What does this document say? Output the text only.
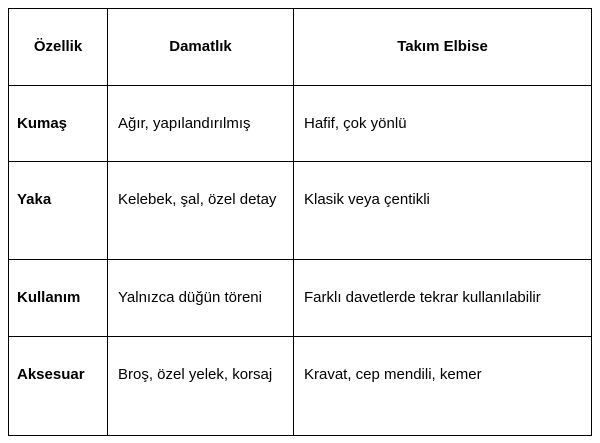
Özellik	Damatlık	Takım Elbise

Kumaş	Ağır, yapılandırılmış	Hafif, çok yönlü

Yaka	Kelebek, şal, özel detay	Klasik veya çentikli

Kullanım	Yalnızca düğün töreni	Farklı davetlerde tekrar kullanılabilir

Aksesuar	Broş, özel yelek, korsaj	Kravat, cep mendili, kemer
